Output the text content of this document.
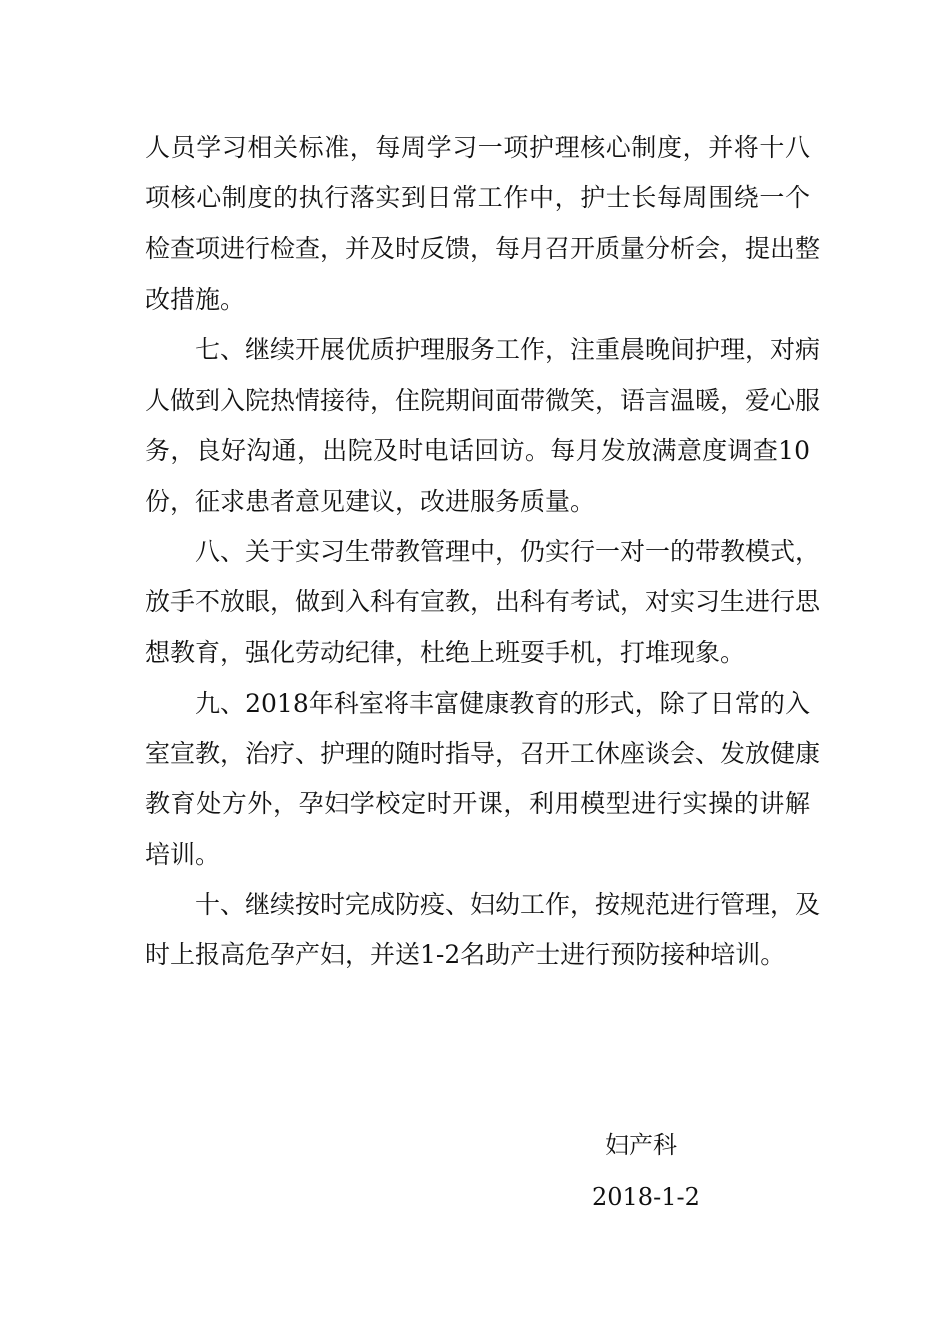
人员学习相关标准，每周学习一项护理核心制度，并将十八
项核心制度的执行落实到日常工作中，护士长每周围绕一个
检查项进行检查，并及时反馈，每月召开质量分析会，提出整
改措施。
七、继续开展优质护理服务工作，注重晨晚间护理，对病
人做到入院热情接待，住院期间面带微笑，语言温暖，爱心服
务，良好沟通，出院及时电话回访。每月发放满意度调查10
份，征求患者意见建议，改进服务质量。
八、关于实习生带教管理中，仍实行一对一的带教模式，
放手不放眼，做到入科有宣教，出科有考试，对实习生进行思
想教育，强化劳动纪律，杜绝上班耍手机，打堆现象。
九、2018年科室将丰富健康教育的形式，除了日常的入
室宣教，治疗、护理的随时指导，召开工休座谈会、发放健康
教育处方外，孕妇学校定时开课，利用模型进行实操的讲解
培训。
十、继续按时完成防疫、妇幼工作，按规范进行管理，及
时上报高危孕产妇，并送1-2名助产士进行预防接种培训。
妇产科
2018-1-2
